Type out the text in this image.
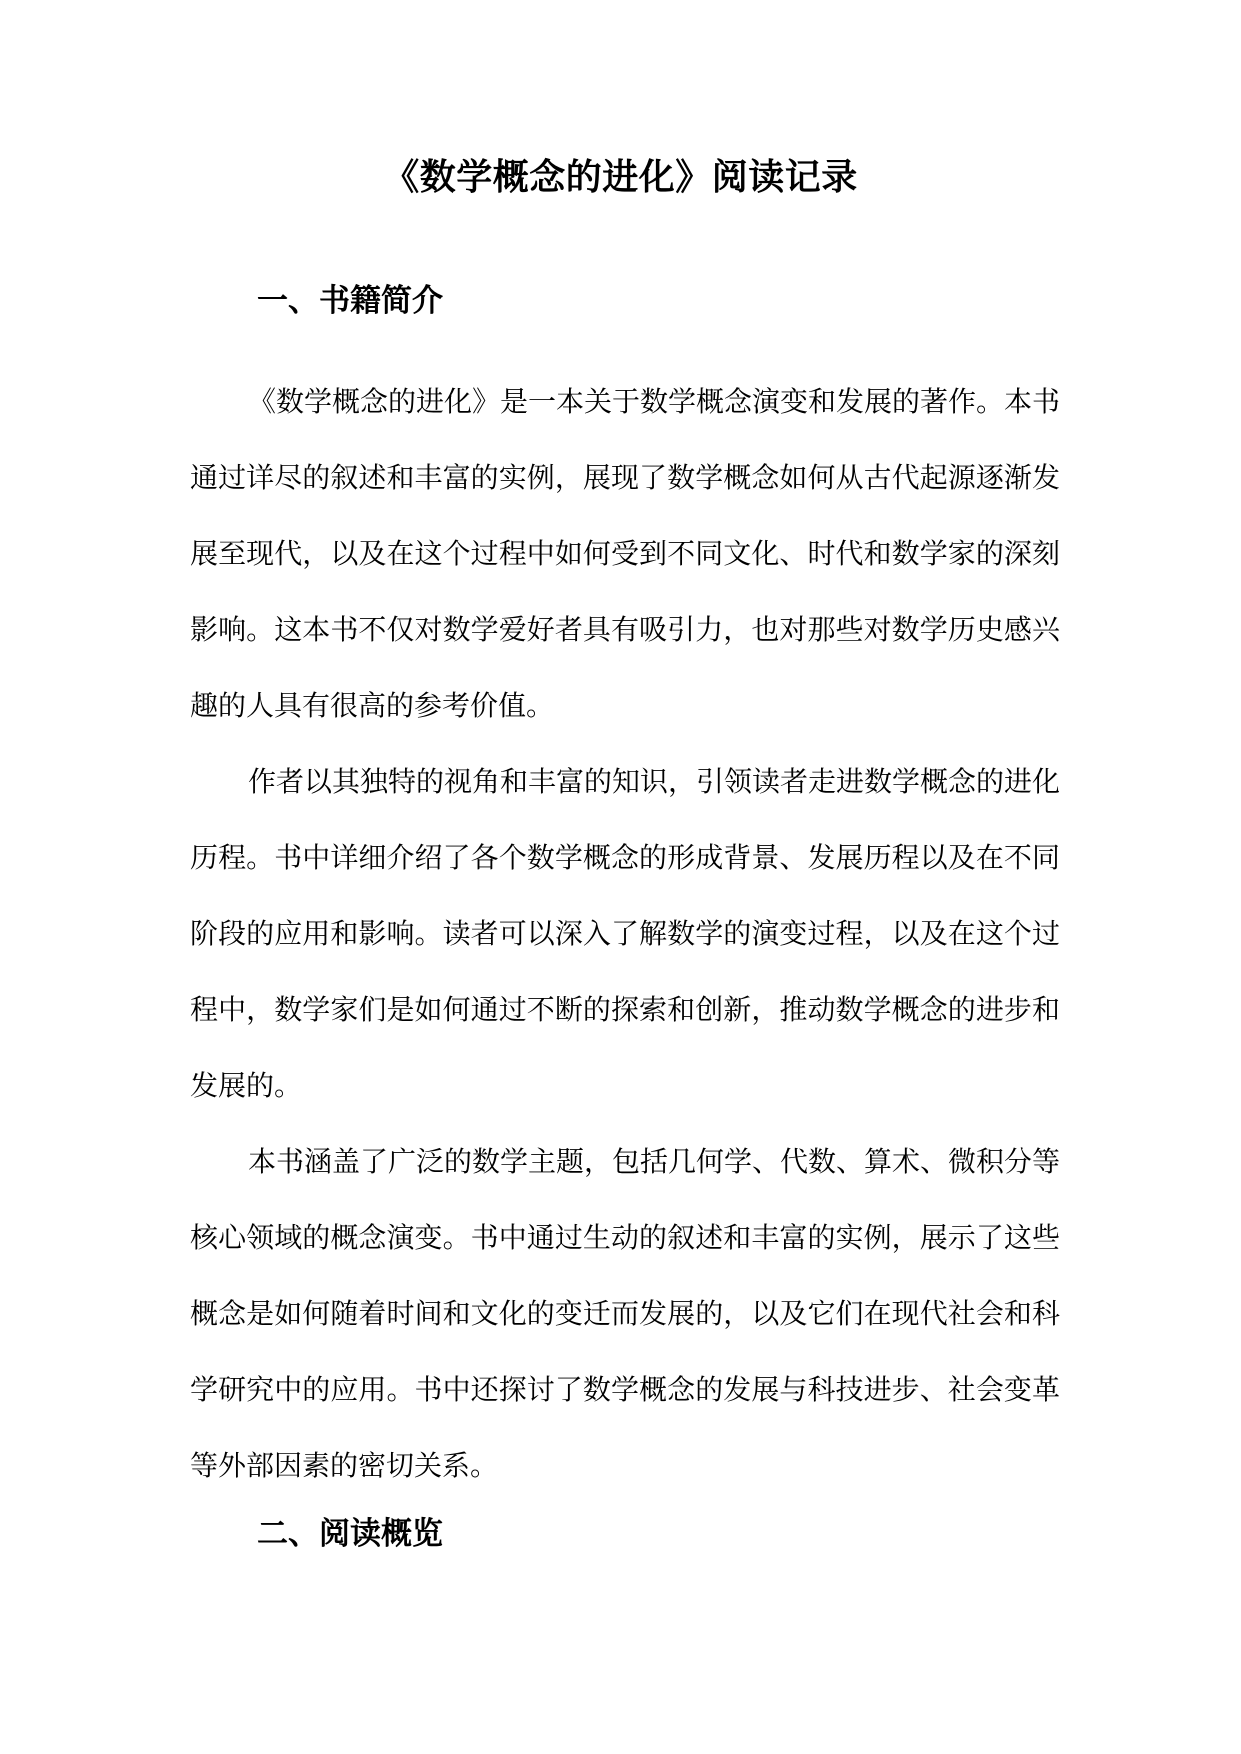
《数学概念的进化》阅读记录
一、书籍简介

《数学概念的进化》是一本关于数学概念演变和发展的著作。本书通过详尽的叙述和丰富的实例，展现了数学概念如何从古代起源逐渐发展至现代，以及在这个过程中如何受到不同文化、时代和数学家的深刻影响。这本书不仅对数学爱好者具有吸引力，也对那些对数学历史感兴趣的人具有很高的参考价值。

作者以其独特的视角和丰富的知识，引领读者走进数学概念的进化历程。书中详细介绍了各个数学概念的形成背景、发展历程以及在不同阶段的应用和影响。读者可以深入了解数学的演变过程，以及在这个过程中，数学家们是如何通过不断的探索和创新，推动数学概念的进步和发展的。

本书涵盖了广泛的数学主题，包括几何学、代数、算术、微积分等核心领域的概念演变。书中通过生动的叙述和丰富的实例，展示了这些概念是如何随着时间和文化的变迁而发展的，以及它们在现代社会和科学研究中的应用。书中还探讨了数学概念的发展与科技进步、社会变革等外部因素的密切关系。

二、阅读概览
